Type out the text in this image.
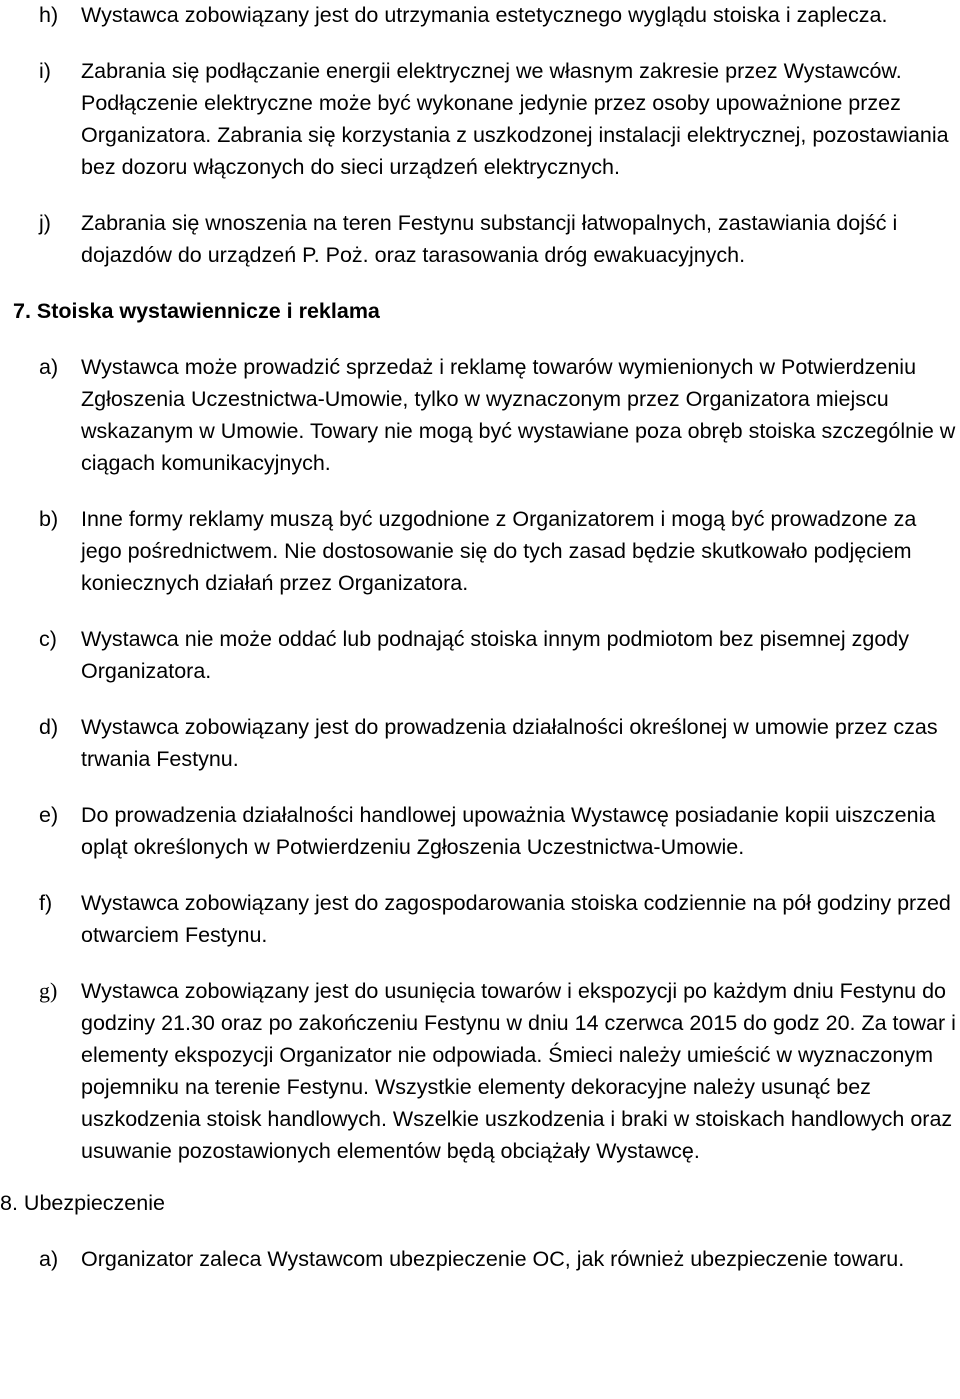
h) Wystawca zobowiązany jest do utrzymania estetycznego wyglądu stoiska i zaplecza.
i) Zabrania się podłączanie energii elektrycznej we własnym zakresie przez Wystawców. Podłączenie elektryczne może być wykonane jedynie przez osoby upoważnione przez Organizatora. Zabrania się korzystania z uszkodzonej instalacji elektrycznej, pozostawiania bez dozoru włączonych do sieci urządzeń elektrycznych.
j) Zabrania się wnoszenia na teren Festynu substancji łatwopalnych, zastawiania dojść i dojazdów do urządzeń P. Poż. oraz tarasowania dróg ewakuacyjnych.
7. Stoiska wystawiennicze i reklama
a) Wystawca może prowadzić sprzedaż i reklamę towarów wymienionych w Potwierdzeniu Zgłoszenia Uczestnictwa-Umowie, tylko w wyznaczonym przez Organizatora miejscu wskazanym w Umowie. Towary nie mogą być wystawiane poza obręb stoiska szczególnie w ciągach komunikacyjnych.
b) Inne formy reklamy muszą być uzgodnione z Organizatorem i mogą być prowadzone za jego pośrednictwem. Nie dostosowanie się do tych zasad będzie skutkowało podjęciem koniecznych działań przez Organizatora.
c) Wystawca nie może oddać lub podnająć stoiska innym podmiotom bez pisemnej zgody Organizatora.
d) Wystawca zobowiązany jest do prowadzenia działalności określonej w umowie przez czas trwania Festynu.
e) Do prowadzenia działalności handlowej upoważnia Wystawcę posiadanie kopii uiszczenia opląt określonych w Potwierdzeniu Zgłoszenia Uczestnictwa-Umowie.
f) Wystawca zobowiązany jest do zagospodarowania stoiska codziennie na pół godziny przed otwarciem Festynu.
g) Wystawca zobowiązany jest do usunięcia towarów i ekspozycji po każdym dniu Festynu do godziny 21.30 oraz po zakończeniu Festynu w dniu 14 czerwca 2015 do godz 20. Za towar i elementy ekspozycji Organizator nie odpowiada. Śmieci należy umieścić w wyznaczonym pojemniku na terenie Festynu. Wszystkie elementy dekoracyjne należy usunąć bez uszkodzenia stoisk handlowych. Wszelkie uszkodzenia i braki w stoiskach handlowych oraz usuwanie pozostawionych elementów będą obciążały Wystawcę.
8. Ubezpieczenie
a) Organizator zaleca Wystawcom ubezpieczenie OC, jak również ubezpieczenie towaru.
